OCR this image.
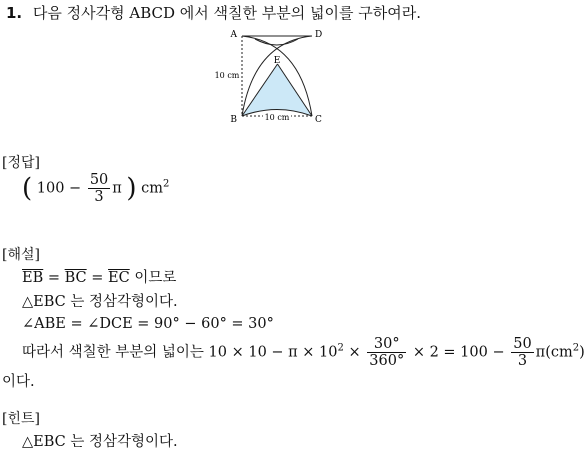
1. 다음 정사각형 ABCD 에서 색칠한 부분의 넓이를 구하여라.
A	D
E
B	C
10 cm
10 cm
[정답]
( $100 - \frac{50}{3}$ π ) $cm^2$
[해설]
$\overline{EB} = \overline{BC} = \overline{EC}$ 이므로
△EBC 는 정삼각형이다.
∠ABE = ∠DCE = 90° − 60° = 30°
따라서 색칠한 부분의 넓이는 $10 \times 10 - \pi \times 10^2 \times \frac{30^\circ}{360^\circ} \times 2 = 100 - \frac{50}{3} \pi(cm^2)$
이다.
[힌트]
△EBC 는 정삼각형이다.
